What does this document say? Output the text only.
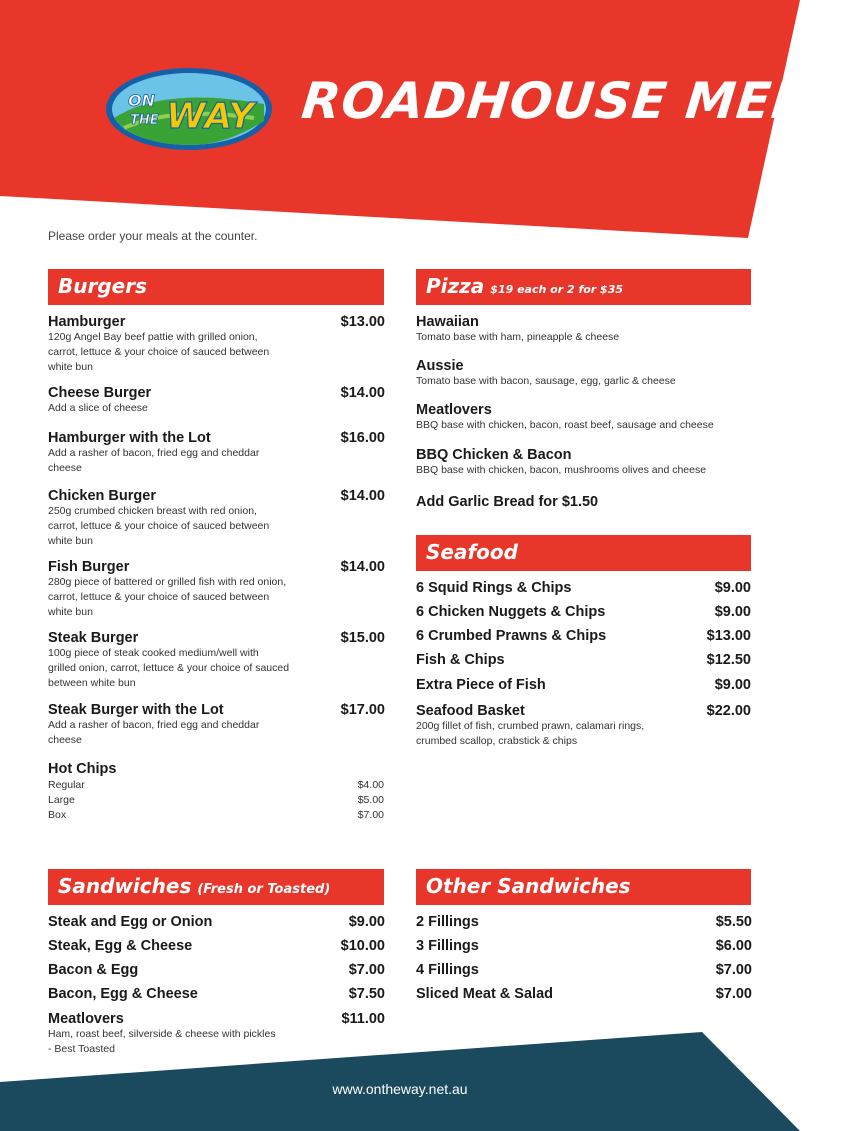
ON
THE WAY ROADHOUSE MENU
Please order your meals at the counter.
Burgers
Hamburger
120g Angel Bay beef pattie with grilled onion,
carrot, lettuce & your choice of sauced between
white bun
$13.00
Cheese Burger
Add a slice of cheese
$14.00
Hamburger with the Lot
Add a rasher of bacon, fried egg and cheddar
cheese
$16.00
Chicken Burger
250g crumbed chicken breast with red onion,
carrot, lettuce & your choice of sauced between
white bun
$14.00
Fish Burger
280g piece of battered or grilled fish with red onion,
carrot, lettuce & your choice of sauced between
white bun
$14.00
Steak Burger
100g piece of steak cooked medium/well with
grilled onion, carrot, lettuce & your choice of sauced
between white bun
$15.00
Steak Burger with the Lot
Add a rasher of bacon, fried egg and cheddar
cheese
$17.00
Hot Chips
Regular	$4.00
Large	$5.00
Box	$7.00
Pizza $19 each or 2 for $35
Hawaiian
Tomato base with ham, pineapple & cheese
Aussie
Tomato base with bacon, sausage, egg, garlic & cheese
Meatlovers
BBQ base with chicken, bacon, roast beef, sausage and cheese
BBQ Chicken & Bacon
BBQ base with chicken, bacon, mushrooms olives and cheese
Add Garlic Bread for $1.50
Seafood
6 Squid Rings & Chips	$9.00
6 Chicken Nuggets & Chips	$9.00
6 Crumbed Prawns & Chips	$13.00
Fish & Chips	$12.50
Extra Piece of Fish	$9.00
Seafood Basket
200g fillet of fish, crumbed prawn, calamari rings,
crumbed scallop, crabstick & chips
$22.00
Sandwiches (Fresh or Toasted)
Steak and Egg or Onion	$9.00
Steak, Egg & Cheese	$10.00
Bacon & Egg	$7.00
Bacon, Egg & Cheese	$7.50
Meatlovers
Ham, roast beef, silverside & cheese with pickles
- Best Toasted
$11.00
Other Sandwiches
2 Fillings	$5.50
3 Fillings	$6.00
4 Fillings	$7.00
Sliced Meat & Salad	$7.00
www.ontheway.net.au
